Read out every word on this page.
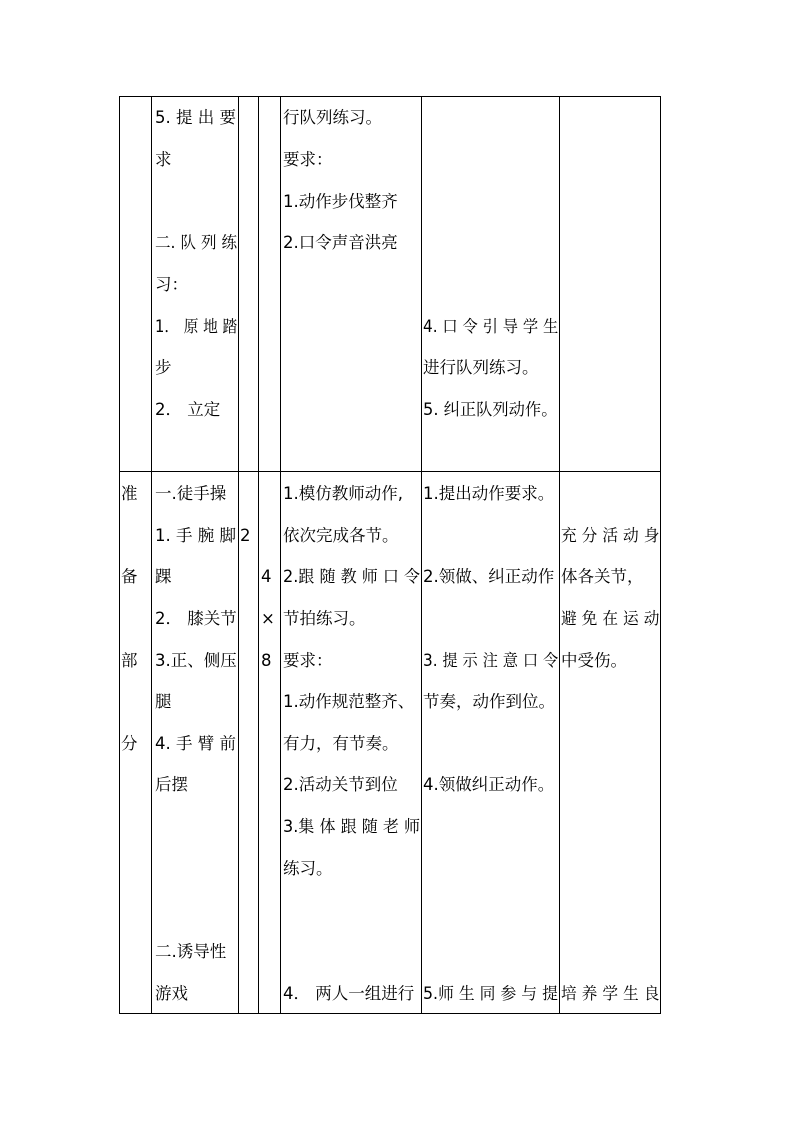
5. 提 出 要
求
二. 队 列 练
习：
1． 原 地 踏
步
2． 立定
行队列练习。
要求：
1.动作步伐整齐
2.口令声音洪亮
4. 口 令 引 导 学 生
进行队列练习。
5. 纠正队列动作。
准
备
部
分
一.徒手操
1. 手 腕 脚
踝
2． 膝关节
3.正、侧压
腿
4. 手 臂 前
后摆
二.诱导性
游戏
2
4
×
8
1.模仿教师动作,
依次完成各节。
2.跟 随 教 师 口 令
节拍练习。
要求：
1.动作规范整齐、
有力，有节奏。
2.活动关节到位
3.集 体 跟 随 老 师
练习。
4． 两人一组进行
1.提出动作要求。
2.领做、纠正动作
3. 提 示 注 意 口 令
节奏，动作到位。
4.领做纠正动作。
5.师 生 同 参 与 提
充 分 活 动 身
体各关节，
避 免 在 运 动
中受伤。
培 养 学 生 良
